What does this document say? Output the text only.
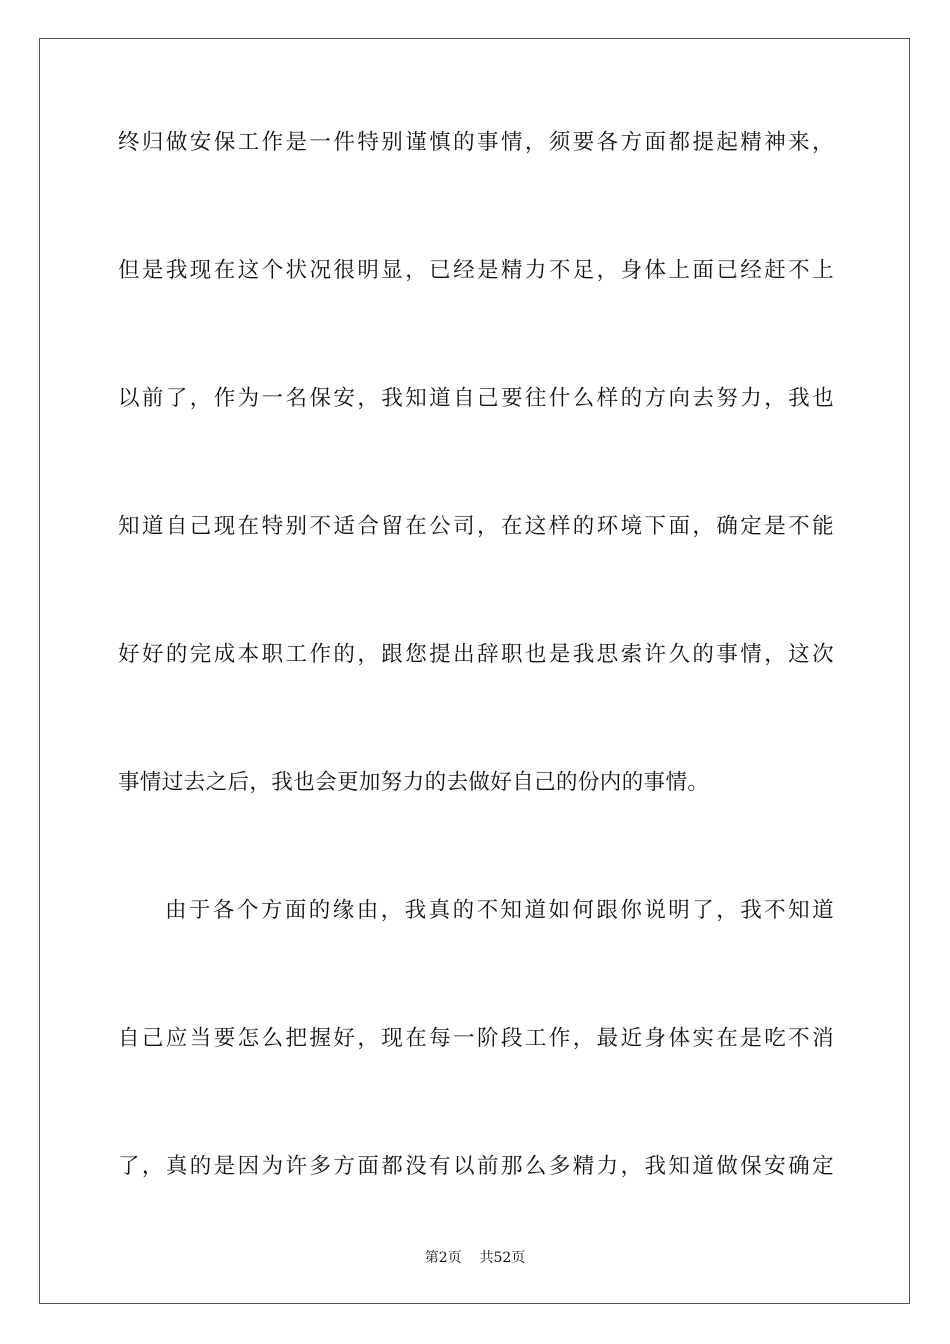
终归做安保工作是一件特别谨慎的事情，须要各方面都提起精神来，
但是我现在这个状况很明显，已经是精力不足，身体上面已经赶不上
以前了，作为一名保安，我知道自己要往什么样的方向去努力，我也
知道自己现在特别不适合留在公司，在这样的环境下面，确定是不能
好好的完成本职工作的，跟您提出辞职也是我思索许久的事情，这次
事情过去之后，我也会更加努力的去做好自己的份内的事情。
由于各个方面的缘由，我真的不知道如何跟你说明了，我不知道
自己应当要怎么把握好，现在每一阶段工作，最近身体实在是吃不消
了，真的是因为许多方面都没有以前那么多精力，我知道做保安确定
第2页 共52页
